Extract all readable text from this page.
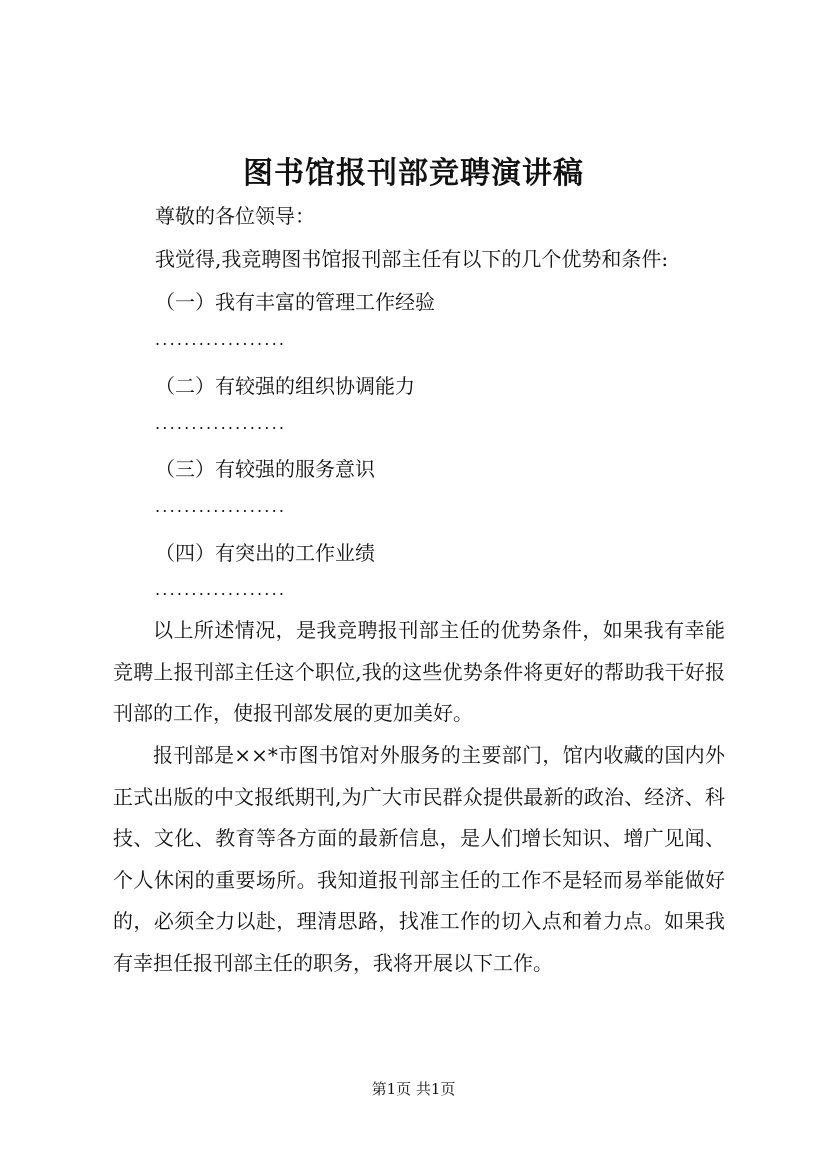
图书馆报刊部竞聘演讲稿
尊敬的各位领导：
我觉得,我竞聘图书馆报刊部主任有以下的几个优势和条件:
（一）我有丰富的管理工作经验
..................
（二）有较强的组织协调能力
..................
（三）有较强的服务意识
..................
（四）有突出的工作业绩
..................
以上所述情况，是我竞聘报刊部主任的优势条件，如果我有幸能竞聘上报刊部主任这个职位,我的这些优势条件将更好的帮助我干好报刊部的工作，使报刊部发展的更加美好。
报刊部是××*市图书馆对外服务的主要部门，馆内收藏的国内外正式出版的中文报纸期刊,为广大市民群众提供最新的政治、经济、科技、文化、教育等各方面的最新信息，是人们增长知识、增广见闻、个人休闲的重要场所。我知道报刊部主任的工作不是轻而易举能做好的，必须全力以赴，理清思路，找准工作的切入点和着力点。如果我有幸担任报刊部主任的职务，我将开展以下工作。
第1页 共1页
